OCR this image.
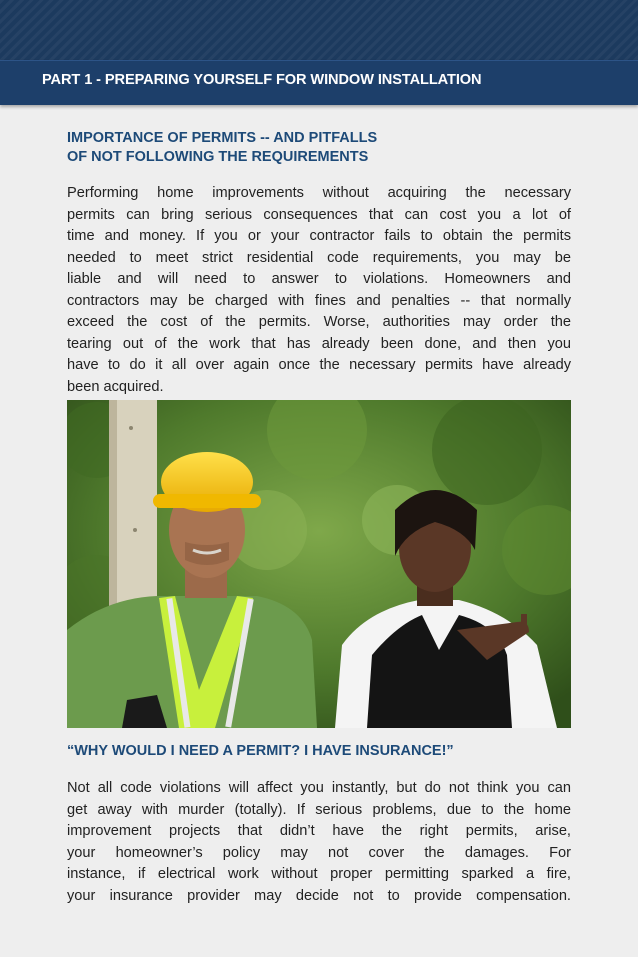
PART 1 - PREPARING YOURSELF FOR WINDOW INSTALLATION
IMPORTANCE OF PERMITS -- AND PITFALLS
OF NOT FOLLOWING THE REQUIREMENTS
Performing home improvements without acquiring the necessary
permits can bring serious consequences that can cost you a lot of
time and money. If you or your contractor fails to obtain the permits
needed to meet strict residential code requirements, you may be
liable and will need to answer to violations. Homeowners and
contractors may be charged with fines and penalties -- that normally
exceed the cost of the permits. Worse, authorities may order the
tearing out of the work that has already been done, and then you
have to do it all over again once the necessary permits have already
been acquired.
“WHY WOULD I NEED A PERMIT? I HAVE INSURANCE!”
Not all code violations will affect you instantly, but do not think you can
get away with murder (totally). If serious problems, due to the home
improvement projects that didn’t have the right permits, arise,
your homeowner’s policy may not cover the damages. For
instance, if electrical work without proper permitting sparked a fire,
your insurance provider may decide not to provide compensation.
